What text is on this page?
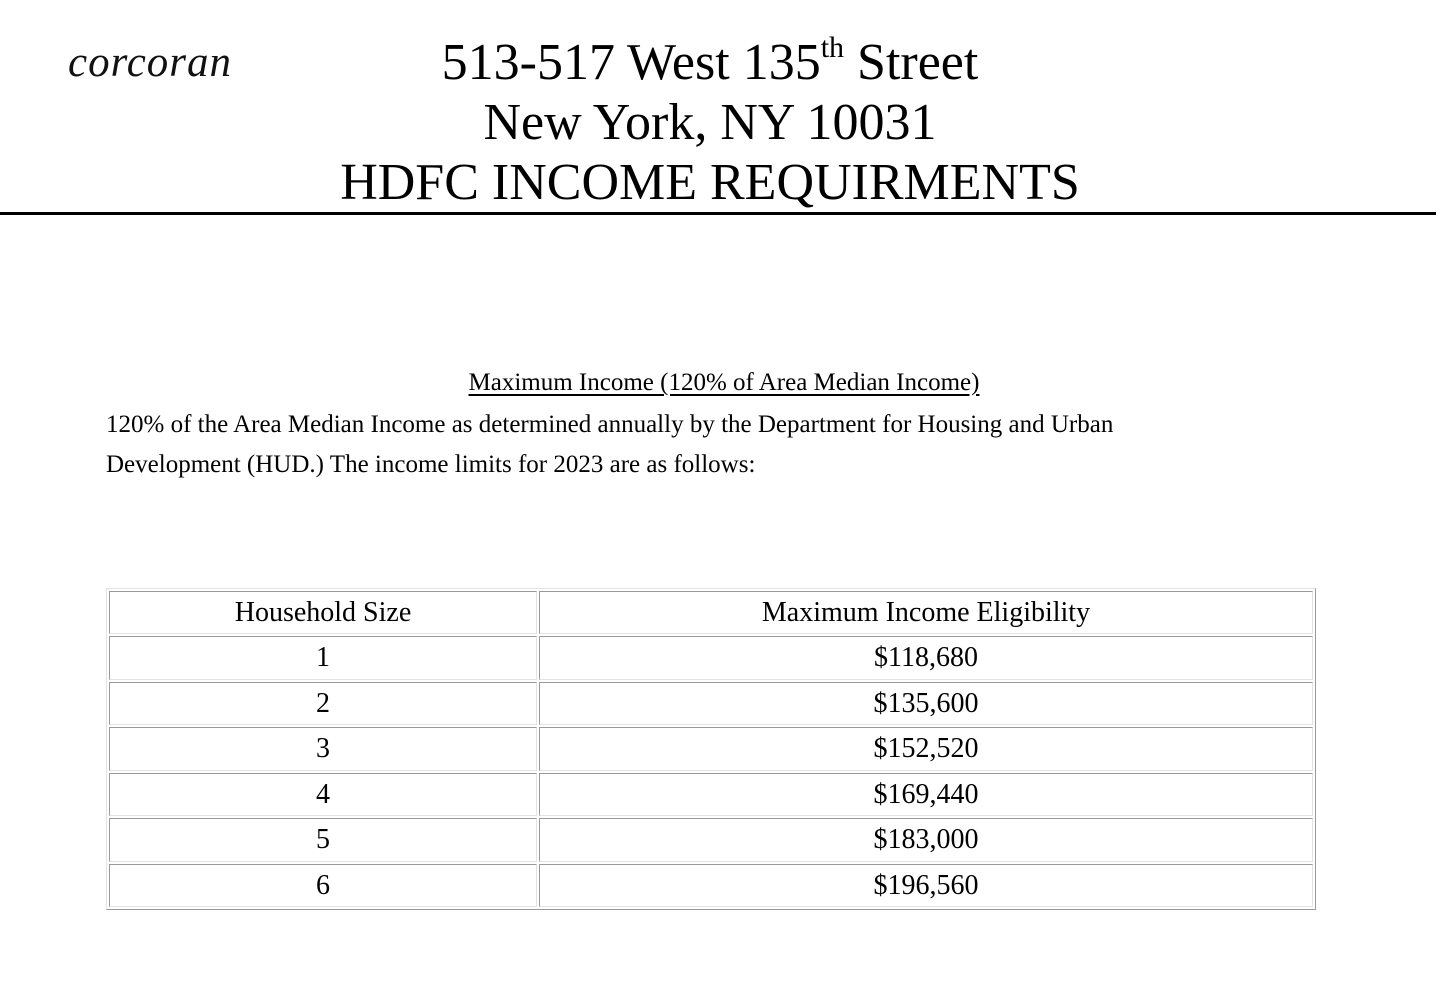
corcoran	513-517 West 135th Street
New York, NY 10031
HDFC INCOME REQUIRMENTS
Maximum Income (120% of Area Median Income)
120% of the Area Median Income as determined annually by the Department for Housing and Urban Development (HUD.) The income limits for 2023 are as follows:
Household Size	Maximum Income Eligibility
1	$118,680
2	$135,600
3	$152,520
4	$169,440
5	$183,000
6	$196,560
